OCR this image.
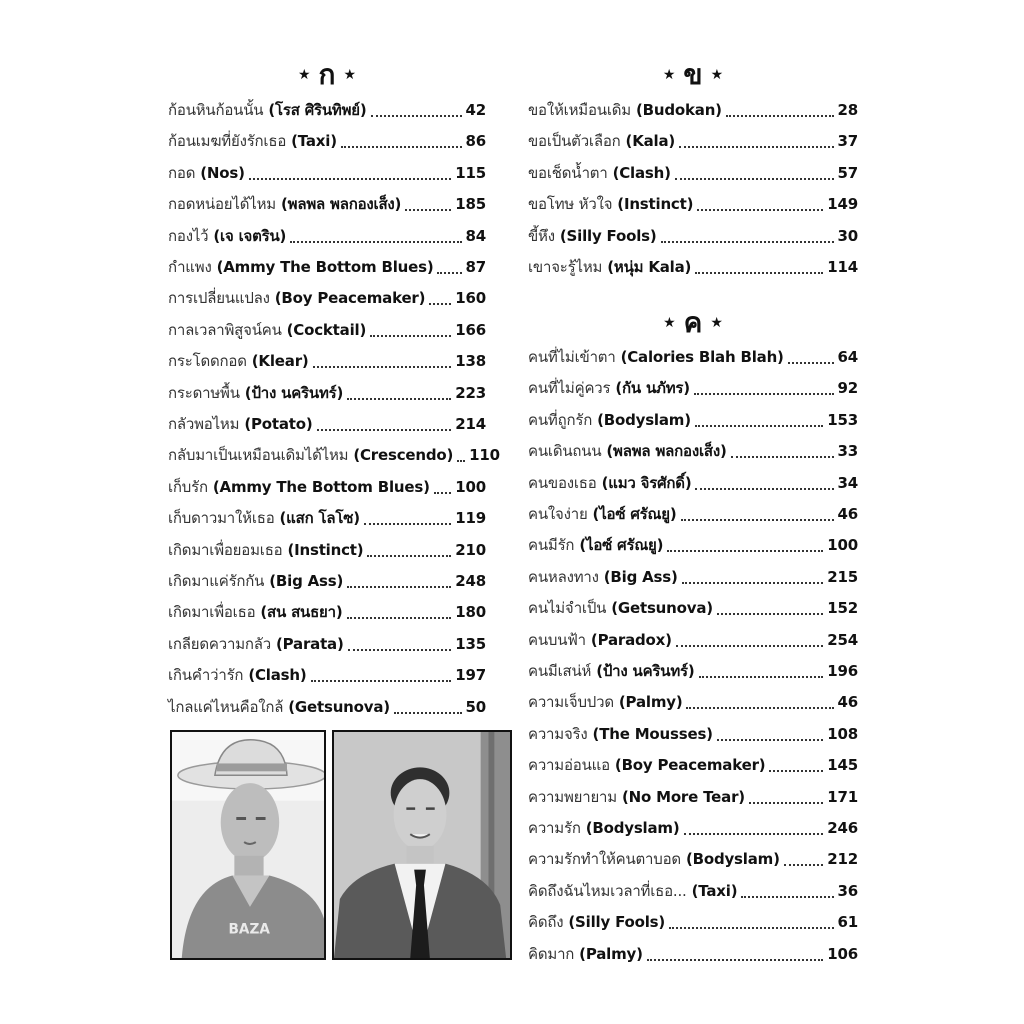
★ ก ★
ก้อนหินก้อนนั้น (โรส ศิรินทิพย์)	42
ก้อนเมฆที่ยังรักเธอ (Taxi)	86
กอด (Nos)	115
กอดหน่อยได้ไหม (พลพล พลกองเส็ง)	185
กองไว้ (เจ เจตริน)	84
กำแพง (Ammy The Bottom Blues) 87
การเปลี่ยนแปลง (Boy Peacemaker) 160
กาลเวลาพิสูจน์คน (Cocktail)	166
กระโดดกอด (Klear)	138
กระดาษพื้น (ป้าง นครินทร์)	223
กลัวพอไหม (Potato)	214
กลับมาเป็นเหมือนเดิมได้ไหม (Crescendo) 110
เก็บรัก (Ammy The Bottom Blues) 100
เก็บดาวมาให้เธอ (แสก โลโซ)	119
เกิดมาเพื่อยอมเธอ (Instinct)	210
เกิดมาแค่รักกัน (Big Ass)	248
เกิดมาเพื่อเธอ (สน สนธยา)	180
เกลียดความกลัว (Parata)	135
เกินคำว่ารัก (Clash)	197
ไกลแค่ไหนคือใกล้ (Getsunova)	50
★ ข ★
ขอให้เหมือนเดิม (Budokan)	28
ขอเป็นตัวเลือก (Kala)	37
ขอเช็ดน้ำตา (Clash)	57
ขอโทษ หัวใจ (Instinct)	149
ขี้หึง (Silly Fools)	30
เขาจะรู้ไหม (หนุ่ม Kala)	114
★ ค ★
คนที่ไม่เข้าตา (Calories Blah Blah)	64
คนที่ไม่คู่ควร (กัน นภัทร)	92
คนที่ถูกรัก (Bodyslam)	153
คนเดินถนน (พลพล พลกองเส็ง)	33
คนของเธอ (แมว จิรศักดิ์)	34
คนใจง่าย (ไอซ์ ศรัณยู)	46
คนมีรัก (ไอซ์ ศรัณยู)	100
คนหลงทาง (Big Ass)	215
คนไม่จำเป็น (Getsunova)	152
คนบนฟ้า (Paradox)	254
คนมีเสน่ห์ (ป้าง นครินทร์)	196
ความเจ็บปวด (Palmy)	46
ความจริง (The Mousses)	108
ความอ่อนแอ (Boy Peacemaker)	145
ความพยายาม (No More Tear)	171
ความรัก (Bodyslam)	246
ความรักทำให้คนตาบอด (Bodyslam)	212
คิดถึงฉันไหมเวลาที่เธอ... (Taxi)	36
คิดถึง (Silly Fools)	61
คิดมาก (Palmy)	106
BAZA
